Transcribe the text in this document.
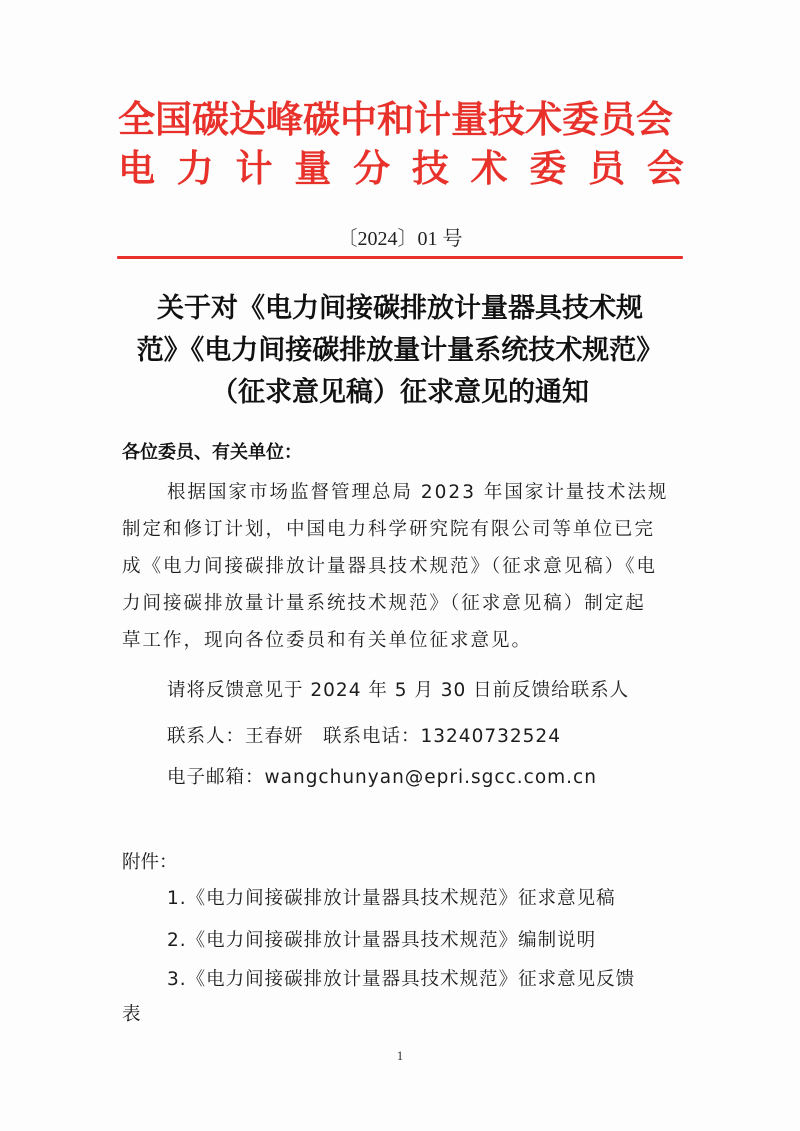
全国碳达峰碳中和计量技术委员会
电 力 计 量 分 技 术 委 员 会
〔2024〕01 号
关于对《电力间接碳排放计量器具技术规
范》《电力间接碳排放量计量系统技术规范》
（征求意见稿）征求意见的通知
各位委员、有关单位：
根据国家市场监督管理总局 2023 年国家计量技术法规
制定和修订计划，中国电力科学研究院有限公司等单位已完
成《电力间接碳排放计量器具技术规范》（征求意见稿）《电
力间接碳排放量计量系统技术规范》（征求意见稿）制定起
草工作，现向各位委员和有关单位征求意见。
请将反馈意见于 2024 年 5 月 30 日前反馈给联系人
联系人：王春妍　联系电话：13240732524
电子邮箱：wangchunyan@epri.sgcc.com.cn
附件：
1.《电力间接碳排放计量器具技术规范》征求意见稿
2.《电力间接碳排放计量器具技术规范》编制说明
3.《电力间接碳排放计量器具技术规范》征求意见反馈
表
1
